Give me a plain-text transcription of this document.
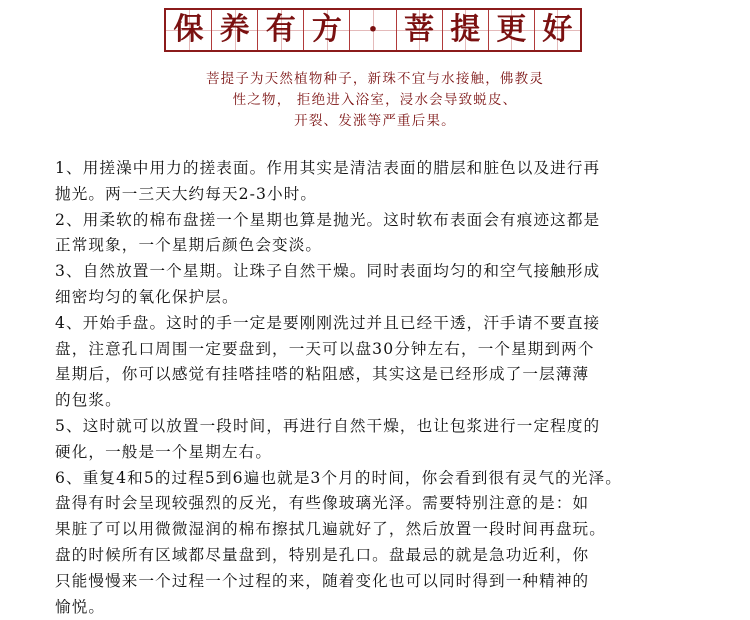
保 养 有 方 · 菩 提 更 好
菩提子为天然植物种子，新珠不宜与水接触，佛教灵
性之物， 拒绝进入浴室，浸水会导致蜕皮、
开裂、发涨等严重后果。
1、用搓澡中用力的搓表面。作用其实是清洁表面的腊层和脏色以及进行再
抛光。两一三天大约每天2-3小时。
2、用柔软的棉布盘搓一个星期也算是抛光。这时软布表面会有痕迹这都是
正常现象，一个星期后颜色会变淡。
3、自然放置一个星期。让珠子自然干燥。同时表面均匀的和空气接触形成
细密均匀的氧化保护层。
4、开始手盘。这时的手一定是要刚刚洗过并且已经干透，汗手请不要直接
盘，注意孔口周围一定要盘到，一天可以盘30分钟左右，一个星期到两个
星期后，你可以感觉有挂嗒挂嗒的粘阻感，其实这是已经形成了一层薄薄
的包浆。
5、这时就可以放置一段时间，再进行自然干燥，也让包浆进行一定程度的
硬化，一般是一个星期左右。
6、重复4和5的过程5到6遍也就是3个月的时间，你会看到很有灵气的光泽。
盘得有时会呈现较强烈的反光，有些像玻璃光泽。需要特别注意的是：如
果脏了可以用微微湿润的棉布擦拭几遍就好了，然后放置一段时间再盘玩。
盘的时候所有区域都尽量盘到，特别是孔口。盘最忌的就是急功近利，你
只能慢慢来一个过程一个过程的来，随着变化也可以同时得到一种精神的
愉悦。
